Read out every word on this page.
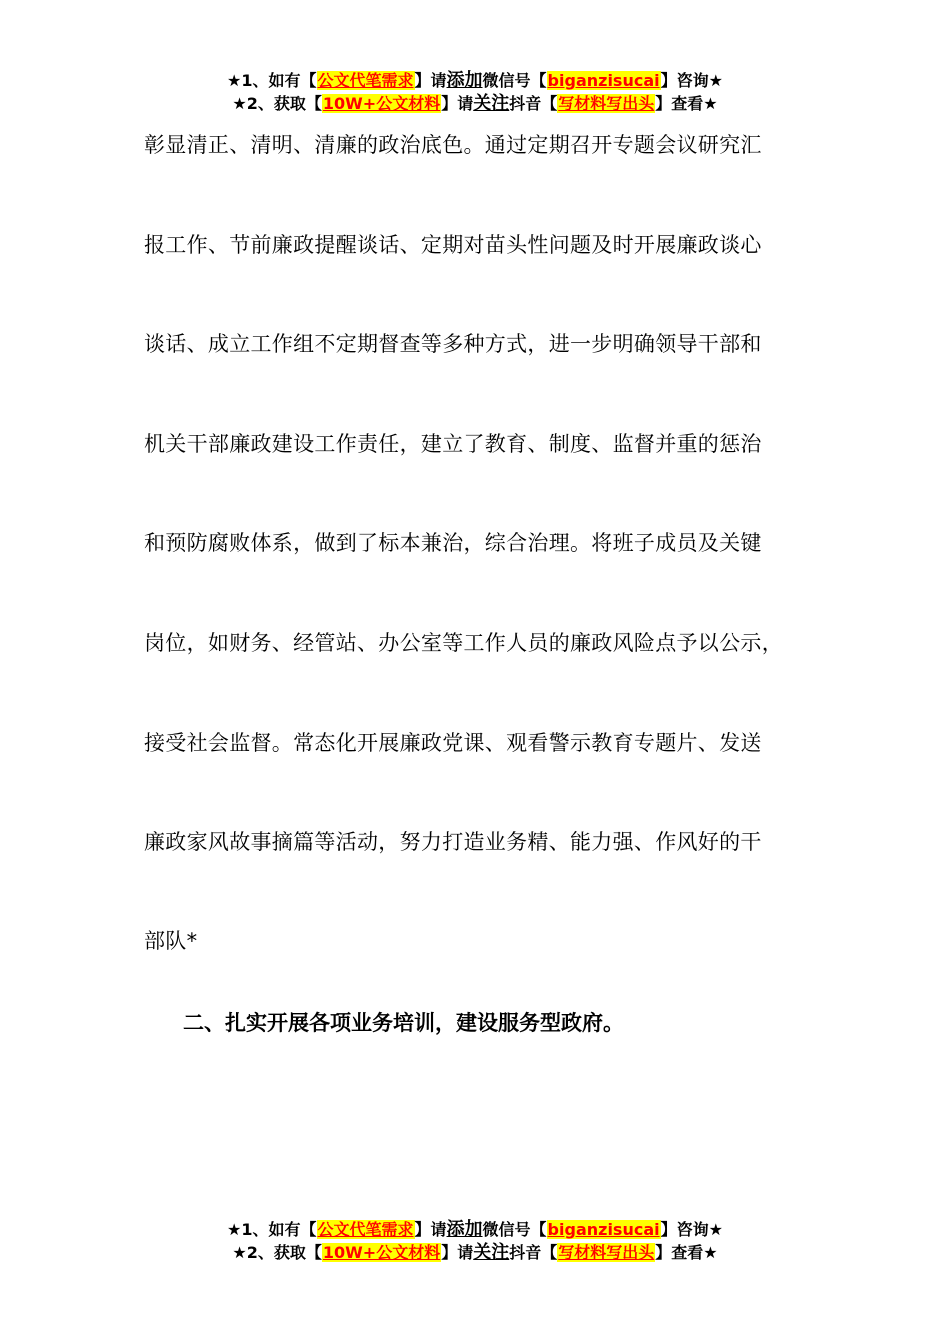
★1、如有【公文代笔需求】请添加微信号【biganzisucai】咨询★
★2、获取【10W+公文材料】请关注抖音【写材料写出头】查看★
彰显清正、清明、清廉的政治底色。通过定期召开专题会议研究汇
报工作、节前廉政提醒谈话、定期对苗头性问题及时开展廉政谈心
谈话、成立工作组不定期督查等多种方式，进一步明确领导干部和
机关干部廉政建设工作责任，建立了教育、制度、监督并重的惩治
和预防腐败体系，做到了标本兼治，综合治理。将班子成员及关键
岗位，如财务、经管站、办公室等工作人员的廉政风险点予以公示，
接受社会监督。常态化开展廉政党课、观看警示教育专题片、发送
廉政家风故事摘篇等活动，努力打造业务精、能力强、作风好的干
部队*
二、扎实开展各项业务培训，建设服务型政府。
★1、如有【公文代笔需求】请添加微信号【biganzisucai】咨询★
★2、获取【10W+公文材料】请关注抖音【写材料写出头】查看★
